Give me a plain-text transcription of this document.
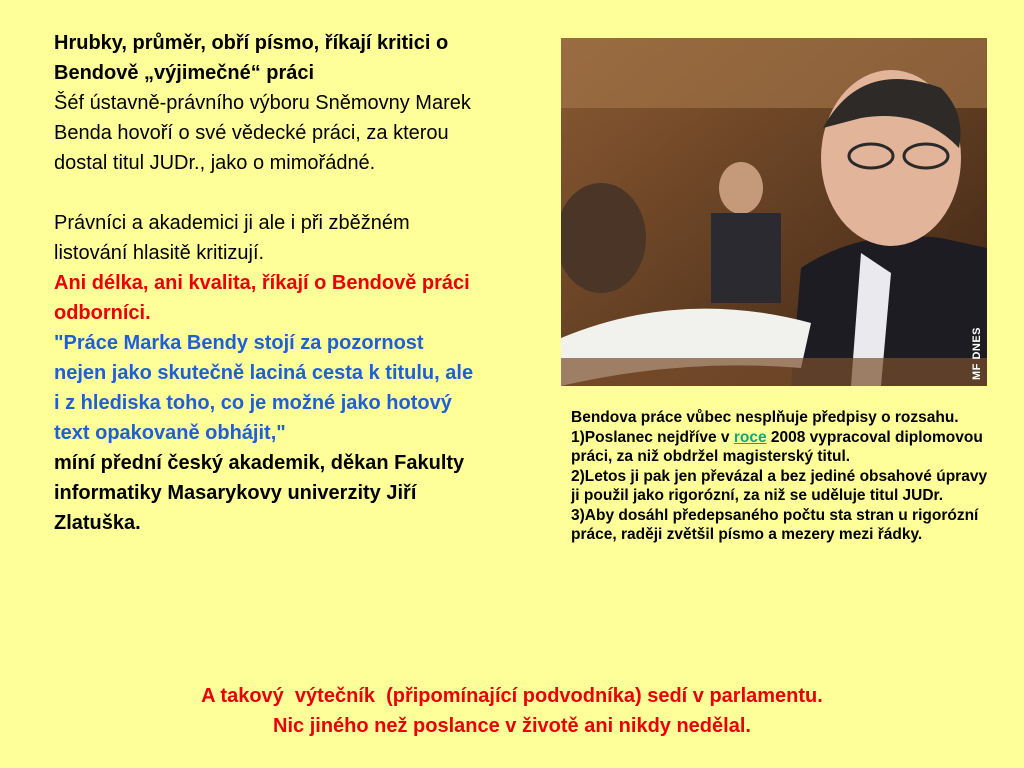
Hrubky, průměr, obří písmo, říkají kritici o Bendově „výjimečné“ práci

Šéf ústavně-právního výboru Sněmovny Marek Benda hovoří o své vědecké práci, za kterou dostal titul JUDr., jako o mimořádné.

Právníci a akademici ji ale i při zběžném listování hlasitě kritizují.

Ani délka, ani kvalita, říkají o Bendově práci odborníci.

"Práce Marka Bendy stojí za pozornost nejen jako skutečně laciná cesta k titulu, ale i z hlediska toho, co je možné jako hotový text opakovaně obhájit,"

míní přední český akademik, děkan Fakulty informatiky Masarykovy univerzity Jiří Zlatuška.

MF DNES

Bendova práce vůbec nesplňuje předpisy o rozsahu.

1)Poslanec nejdříve v roce 2008 vypracoval diplomovou práci, za niž obdržel magisterský titul.

2)Letos ji pak jen převázal a bez jediné obsahové úpravy ji použil jako rigorózní, za niž se uděluje titul JUDr.

3)Aby dosáhl předepsaného počtu sta stran u rigorózní práce, raději zvětšil písmo a mezery mezi řádky.

A takový  výtečník  (připomínající podvodníka) sedí v parlamentu.

Nic jiného než poslance v životě ani nikdy nedělal.
